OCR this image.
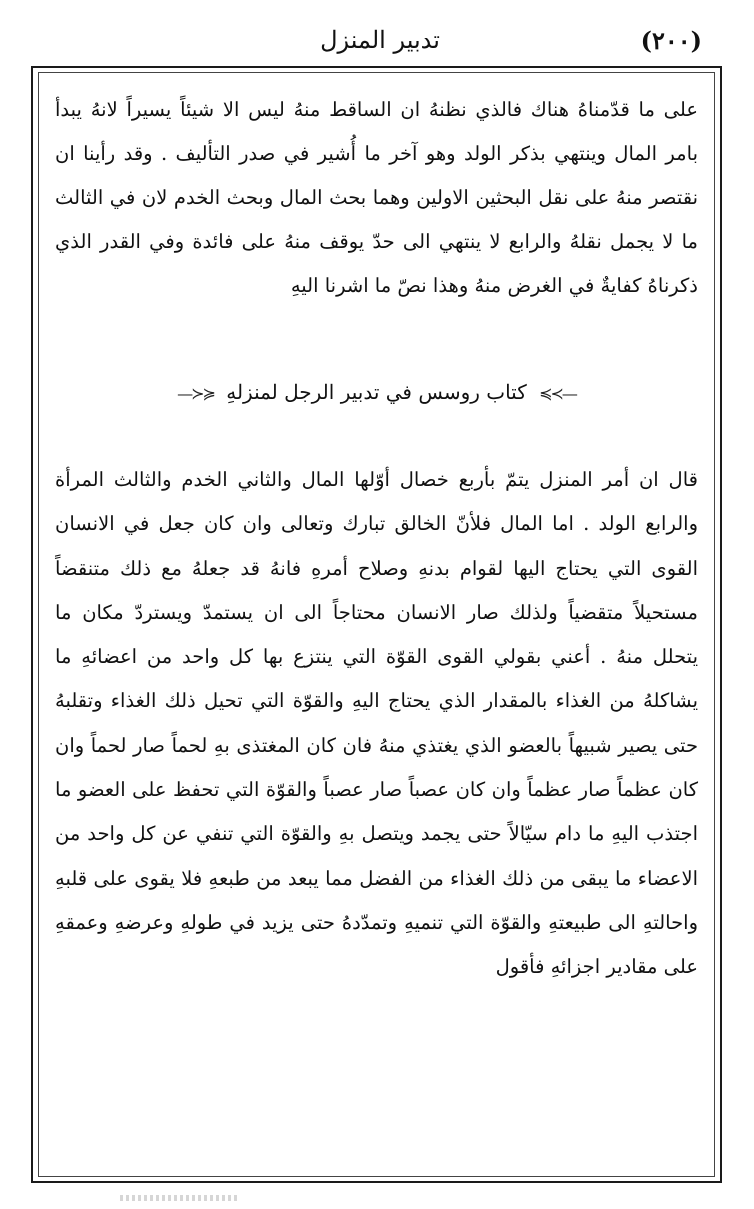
(٢٠٠)
تدبير المنزل

على ما قدّمناهُ هناك فالذي نظنهُ ان الساقط منهُ ليس الا شيئاً يسيراً لانهُ يبدأ بامر المال وينتهي بذكر الولد وهو آخر ما أُشير في صدر التأليف . وقد رأينا ان نقتصر منهُ على نقل البحثين الاولين وهما بحث المال وبحث الخدم لان في الثالث ما لا يجمل نقلهُ والرابع لا ينتهي الى حدّ يوقف منهُ على فائدة وفي القدر الذي ذكرناهُ كفايةٌ في الغرض منهُ وهذا نصّ ما اشرنا اليهِ

—≻≽ كتاب روسس في تدبير الرجل لمنزلهِ ≼≺—

قال ان أمر المنزل يتمّ بأربع خصال أوّلها المال والثاني الخدم والثالث المرأة والرابع الولد . اما المال فلأنّ الخالق تبارك وتعالى وان كان جعل في الانسان القوى التي يحتاج اليها لقوام بدنهِ وصلاح أمرهِ فانهُ قد جعلهُ مع ذلك متنقضاً مستحيلاً متقضياً ولذلك صار الانسان محتاجاً الى ان يستمدّ ويستردّ مكان ما يتحلل منهُ . أعني بقولي القوى القوّة التي ينتزع بها كل واحد من اعضائهِ ما يشاكلهُ من الغذاء بالمقدار الذي يحتاج اليهِ والقوّة التي تحيل ذلك الغذاء وتقلبهُ حتى يصير شبيهاً بالعضو الذي يغتذي منهُ فان كان المغتذى بهِ لحماً صار لحماً وان كان عظماً صار عظماً وان كان عصباً صار عصباً والقوّة التي تحفظ على العضو ما اجتذب اليهِ ما دام سيّالاً حتى يجمد ويتصل بهِ والقوّة التي تنفي عن كل واحد من الاعضاء ما يبقى من ذلك الغذاء من الفضل مما يبعد من طبعهِ فلا يقوى على قلبهِ واحالتهِ الى طبيعتهِ والقوّة التي تنميهِ وتمدّدهُ حتى يزيد في طولهِ وعرضهِ وعمقهِ على مقادير اجزائهِ فأقول
